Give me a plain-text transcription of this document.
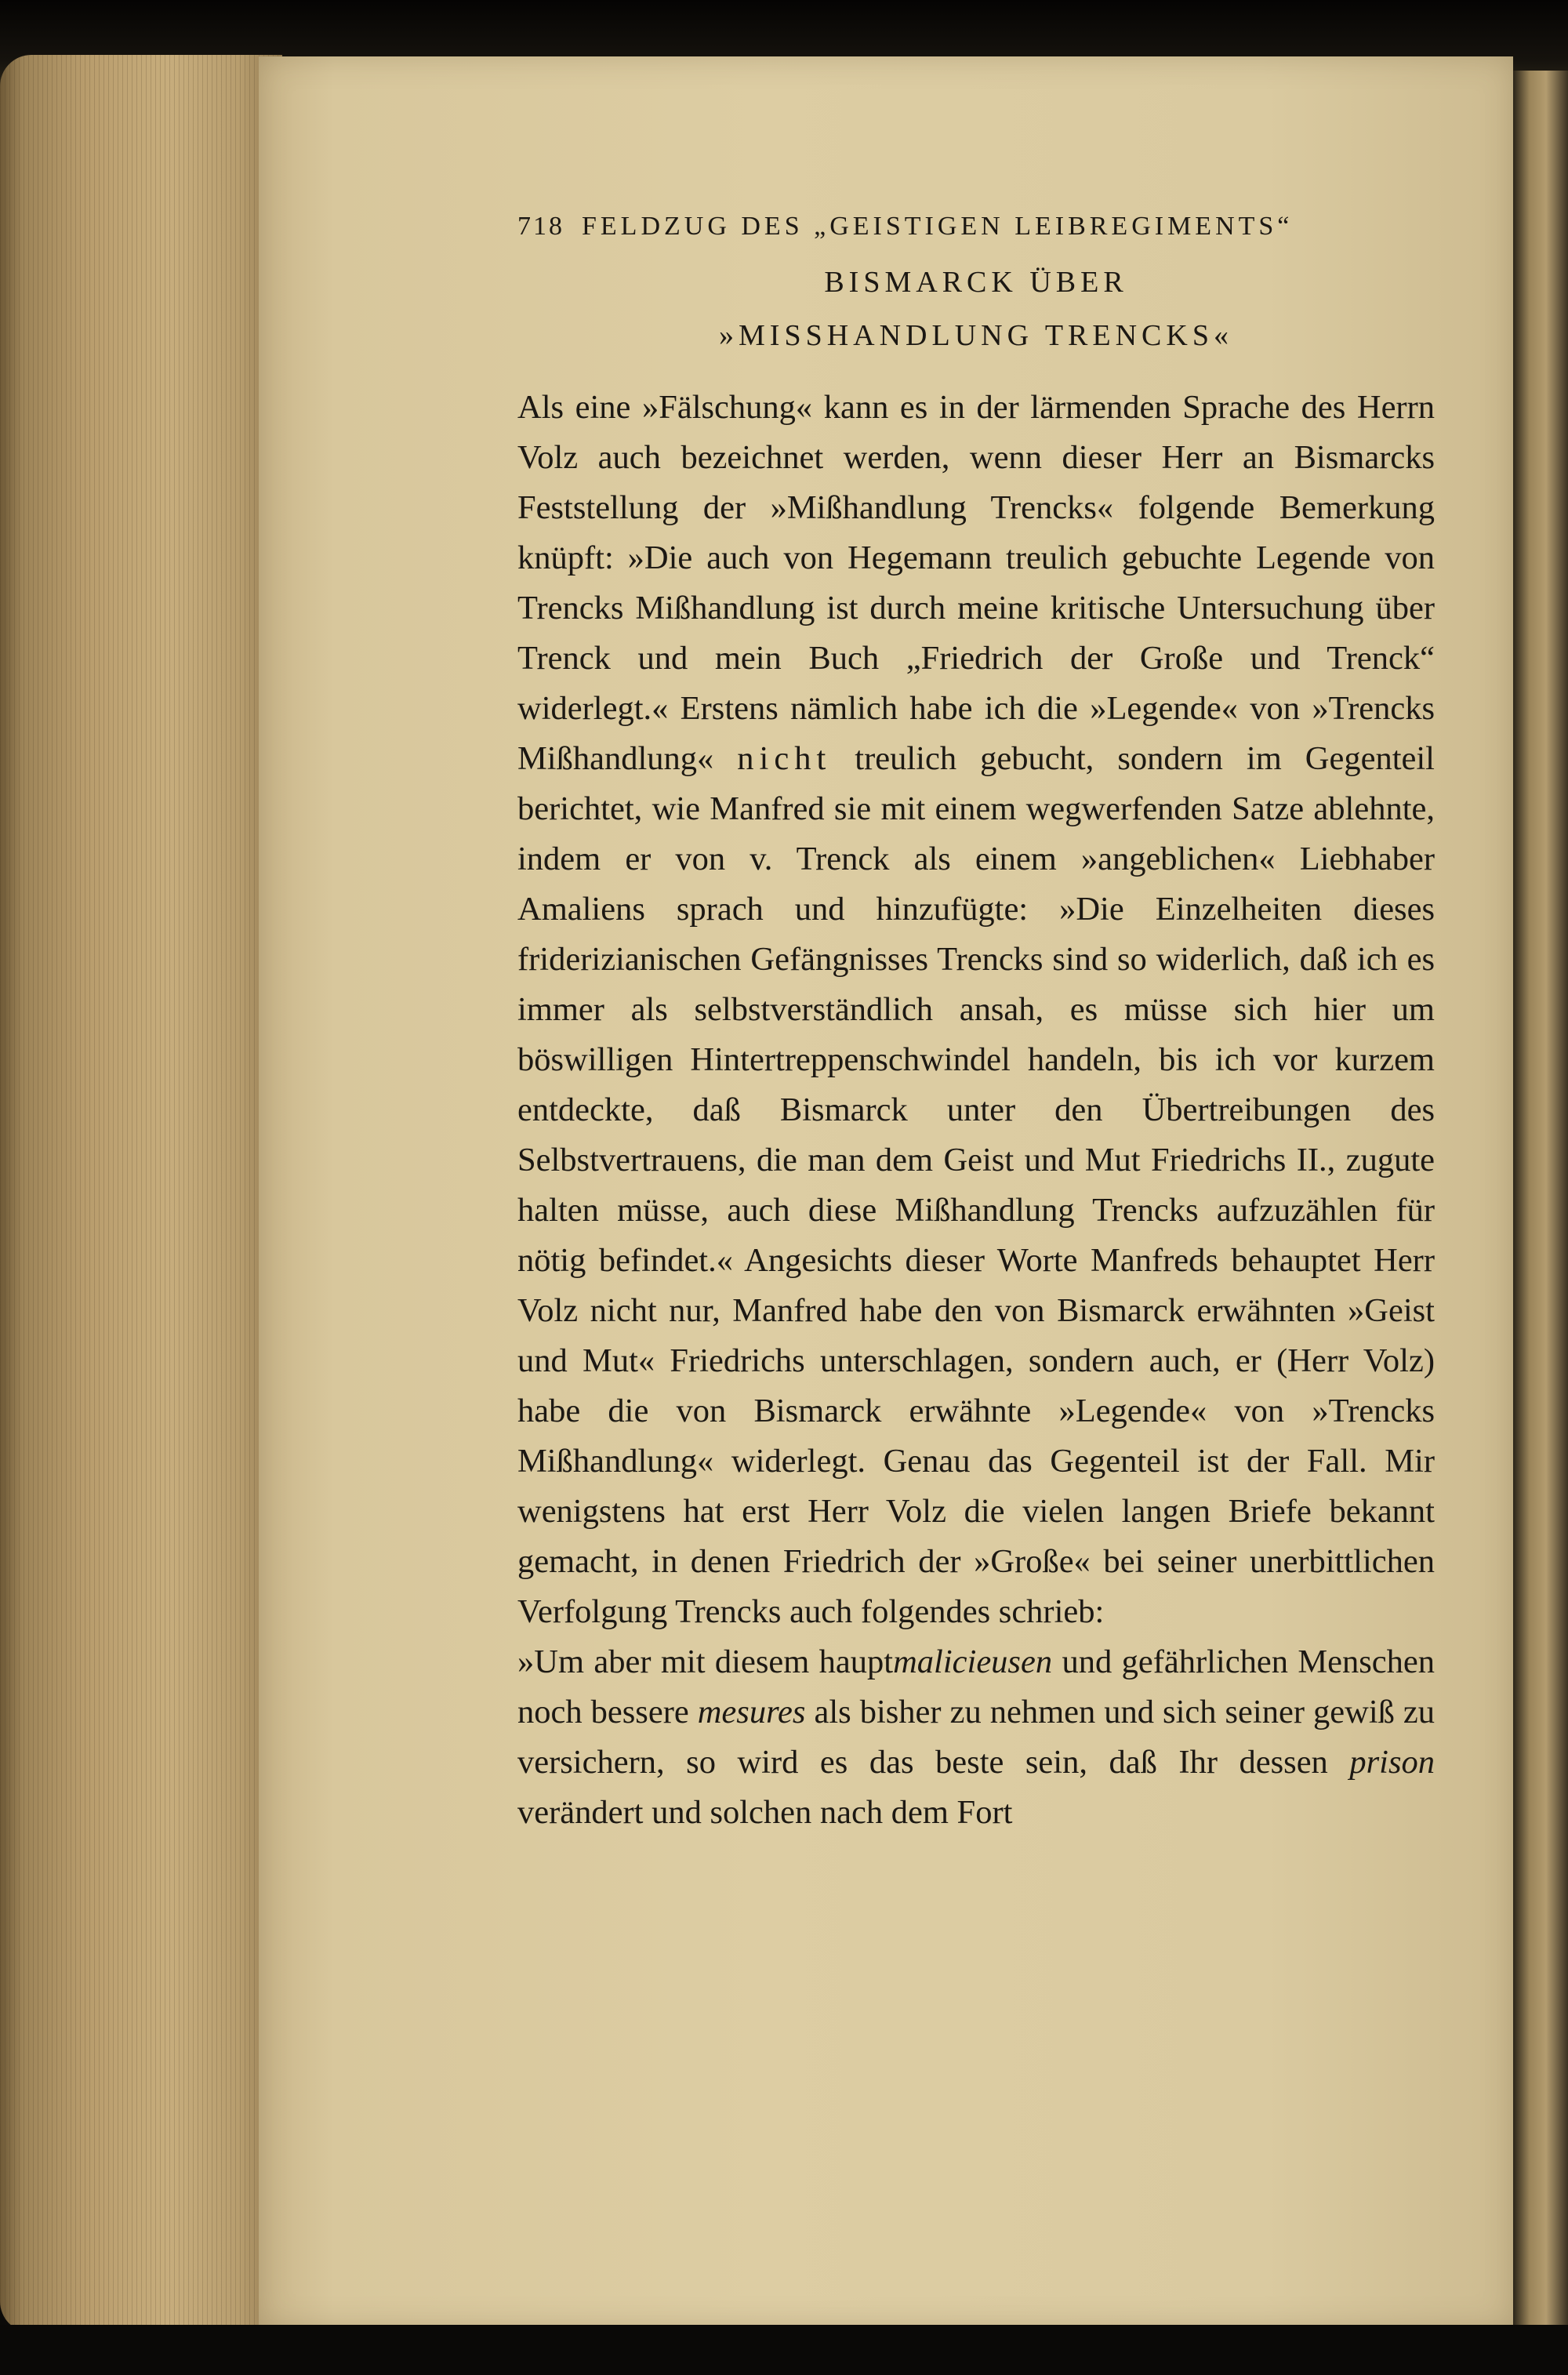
718 FELDZUG DES „GEISTIGEN LEIBREGIMENTS“
BISMARCK ÜBER
»MISSHANDLUNG TRENCKS«

Als eine »Fälschung« kann es in der lärmenden Sprache des Herrn Volz auch bezeichnet werden, wenn dieser Herr an Bismarcks Feststellung der »Mißhandlung Trencks« folgende Bemerkung knüpft: »Die auch von Hegemann treulich gebuchte Legende von Trencks Mißhandlung ist durch meine kritische Untersuchung über Trenck und mein Buch „Friedrich der Große und Trenck“ widerlegt.« Erstens nämlich habe ich die »Legende« von »Trencks Mißhandlung« nicht treulich gebucht, sondern im Gegenteil berichtet, wie Manfred sie mit einem wegwerfenden Satze ablehnte, indem er von v. Trenck als einem »angeblichen« Liebhaber Amaliens sprach und hinzufügte: »Die Einzelheiten dieses friderizianischen Gefängnisses Trencks sind so widerlich, daß ich es immer als selbstverständlich ansah, es müsse sich hier um böswilligen Hintertreppenschwindel handeln, bis ich vor kurzem entdeckte, daß Bismarck unter den Übertreibungen des Selbstvertrauens, die man dem Geist und Mut Friedrichs II., zugute halten müsse, auch diese Mißhandlung Trencks aufzuzählen für nötig befindet.« Angesichts dieser Worte Manfreds behauptet Herr Volz nicht nur, Manfred habe den von Bismarck erwähnten »Geist und Mut« Friedrichs unterschlagen, sondern auch, er (Herr Volz) habe die von Bismarck erwähnte »Legende« von »Trencks Mißhandlung« widerlegt. Genau das Gegenteil ist der Fall. Mir wenigstens hat erst Herr Volz die vielen langen Briefe bekannt gemacht, in denen Friedrich der »Große« bei seiner unerbittlichen Verfolgung Trencks auch folgendes schrieb:

»Um aber mit diesem hauptmalicieusen und gefährlichen Menschen noch bessere mesures als bisher zu nehmen und sich seiner gewiß zu versichern, so wird es das beste sein, daß Ihr dessen prison verändert und solchen nach dem Fort
